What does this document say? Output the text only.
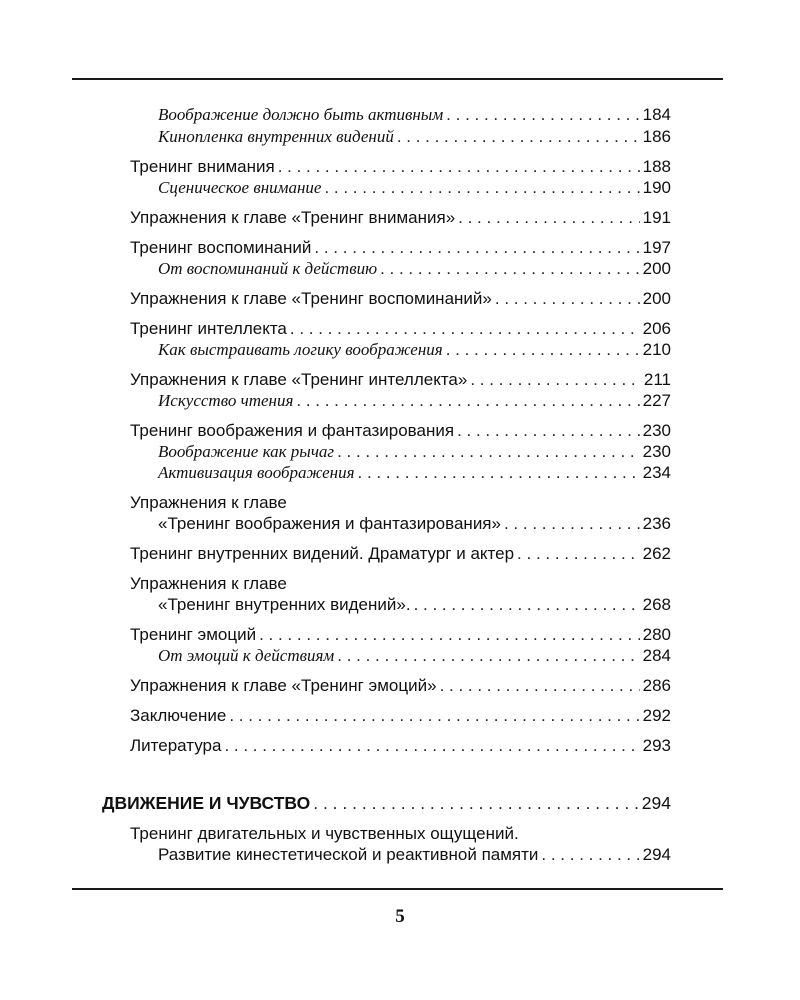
Воображение должно быть активным . . .	184
Кинопленка внутренних видений . . .	186
Тренинг внимания . . .	188
Сценическое внимание . . .	190
Упражнения к главе «Тренинг внимания» . . .	191
Тренинг воспоминаний . . .	197
От воспоминаний к действию . . .	200
Упражнения к главе «Тренинг воспоминаний» . . .	200
Тренинг интеллекта . . .	206
Как выстраивать логику воображения . . .	210
Упражнения к главе «Тренинг интеллекта» . . .	211
Искусство чтения . . .	227
Тренинг воображения и фантазирования . . .	230
Воображение как рычаг . . .	230
Активизация воображения . . .	234
Упражнения к главе
«Тренинг воображения и фантазирования» . . .	236
Тренинг внутренних видений. Драматург и актер . . .	262
Упражнения к главе
«Тренинг внутренних видений». . . .	268
Тренинг эмоций . . .	280
От эмоций к действиям . . .	284
Упражнения к главе «Тренинг эмоций» . . .	286
Заключение . . .	292
Литература . . .	293
ДВИЖЕНИЕ И ЧУВСТВО . . .	294
Тренинг двигательных и чувственных ощущений.
Развитие кинестетической и реактивной памяти . . .	294
5
